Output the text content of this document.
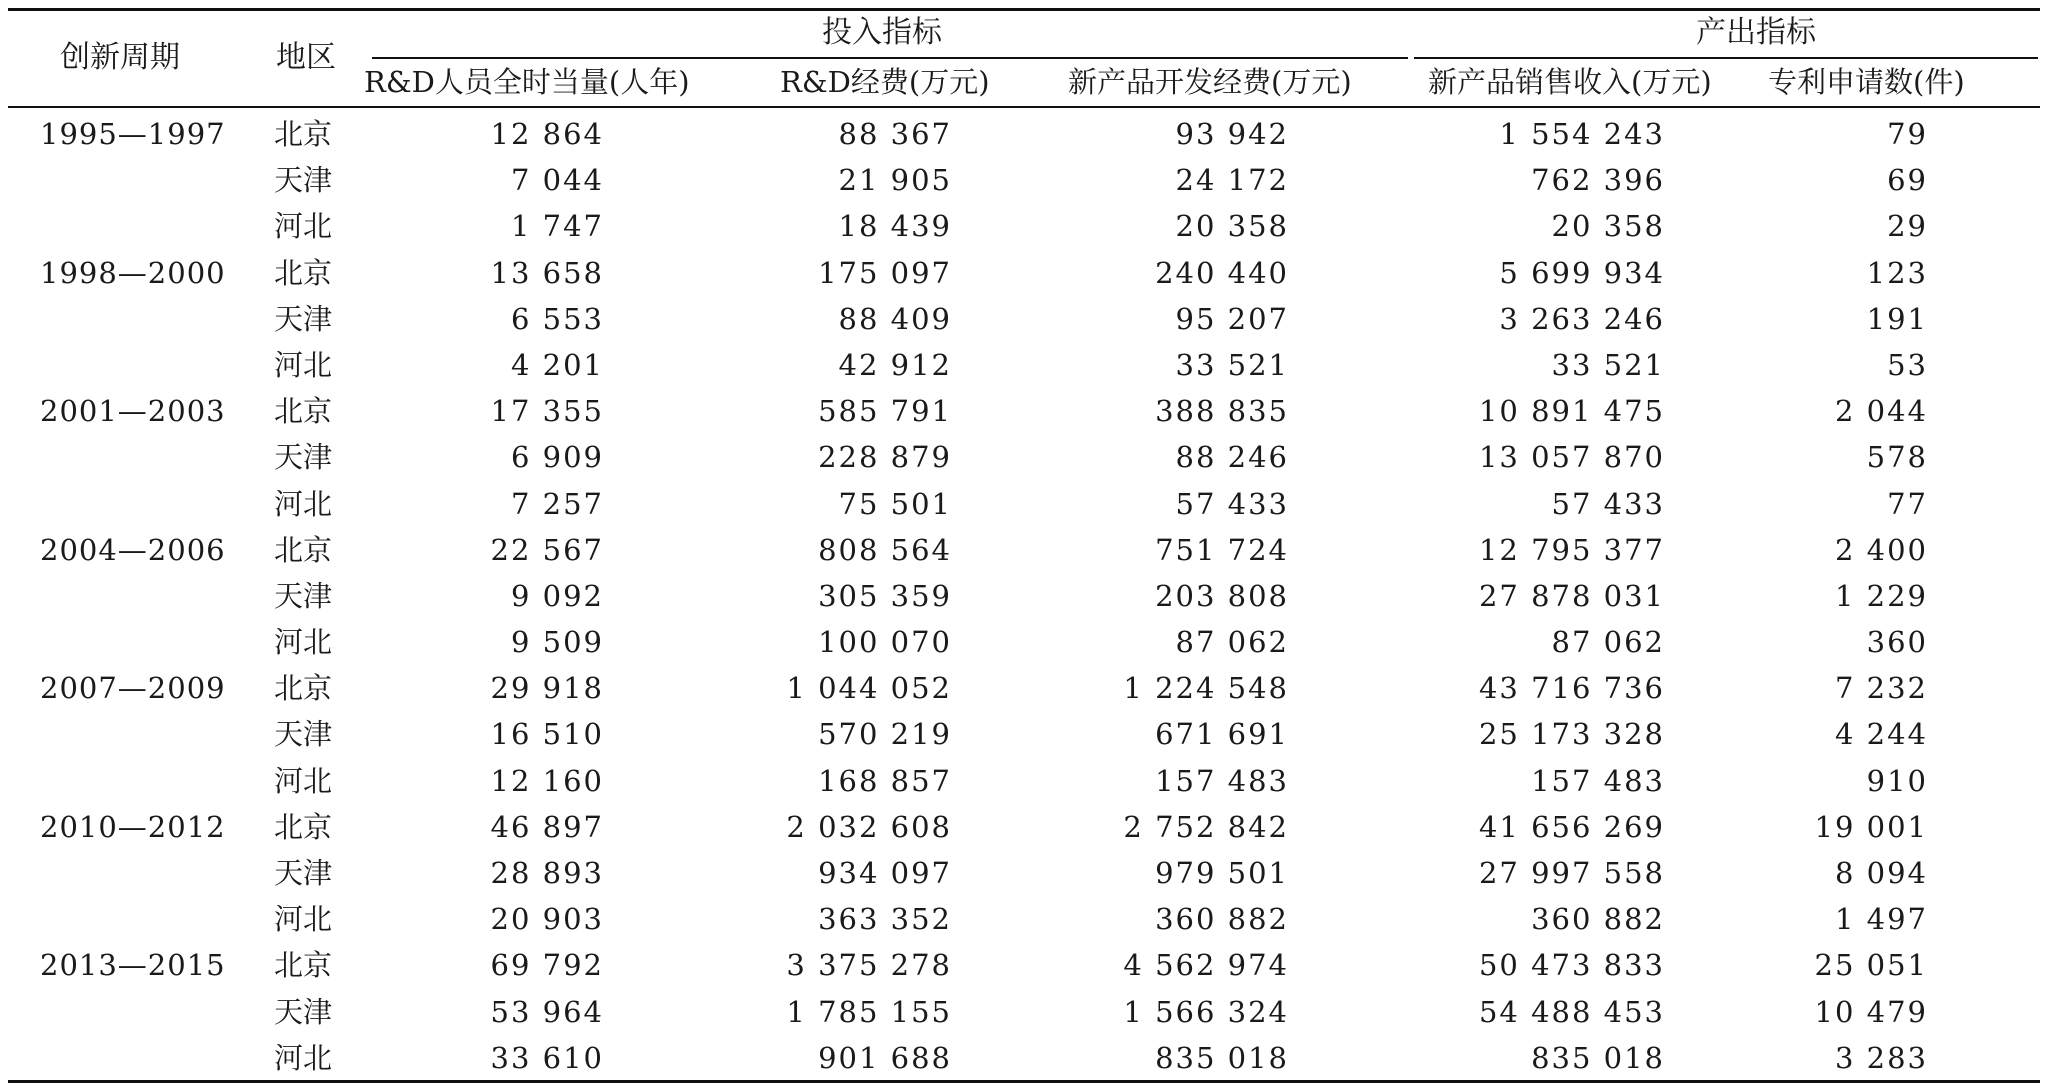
创新周期	地区
投入指标	产出指标
R&D人员全时当量(人年)	R&D经费(万元)	新产品开发经费(万元)	新产品销售收入(万元) 专利申请数(件)
1995—1997 北京	12 864	88 367	93 942	1 554 243	79
天津	7 044	21 905	24 172	762 396	69
河北	1 747	18 439	20 358	20 358	29
1998—2000 北京	13 658	175 097	240 440	5 699 934	123
天津	6 553	88 409	95 207	3 263 246	191
河北	4 201	42 912	33 521	33 521	53
2001—2003 北京	17 355	585 791	388 835	10 891 475	2 044
天津	6 909	228 879	88 246	13 057 870	578
河北	7 257	75 501	57 433	57 433	77
2004—2006 北京	22 567	808 564	751 724	12 795 377	2 400
天津	9 092	305 359	203 808	27 878 031	1 229
河北	9 509	100 070	87 062	87 062	360
2007—2009 北京	29 918	1 044 052	1 224 548	43 716 736	7 232
天津	16 510	570 219	671 691	25 173 328	4 244
河北	12 160	168 857	157 483	157 483	910
2010—2012 北京	46 897	2 032 608	2 752 842	41 656 269	19 001
天津	28 893	934 097	979 501	27 997 558	8 094
河北	20 903	363 352	360 882	360 882	1 497
2013—2015 北京	69 792	3 375 278	4 562 974	50 473 833	25 051
天津	53 964	1 785 155	1 566 324	54 488 453	10 479
河北	33 610	901 688	835 018	835 018	3 283
